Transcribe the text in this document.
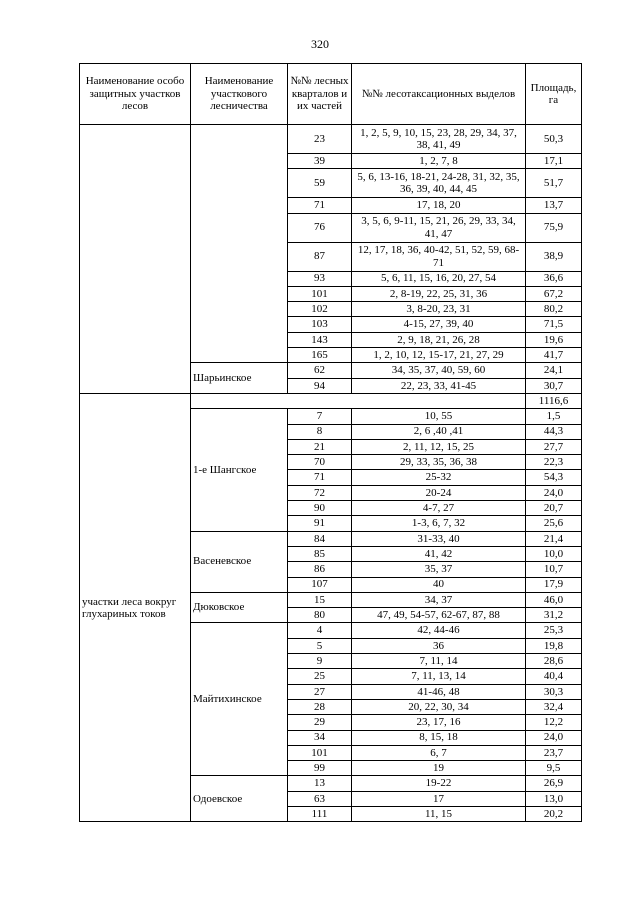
320
Наименование особо защитных участков лесов	Наименование участкового лесничества	№№ лесных кварталов и их частей	№№ лесотаксационных выделов	Площадь, га
		23	1, 2, 5, 9, 10, 15, 23, 28, 29, 34, 37, 38, 41, 49	50,3
		39	1, 2, 7, 8	17,1
		59	5, 6, 13-16, 18-21, 24-28, 31, 32, 35, 36, 39, 40, 44, 45	51,7
		71	17, 18, 20	13,7
		76	3, 5, 6, 9-11, 15, 21, 26, 29, 33, 34, 41, 47	75,9
		87	12, 17, 18, 36, 40-42, 51, 52, 59, 68-71	38,9
		93	5, 6, 11, 15, 16, 20, 27, 54	36,6
		101	2, 8-19, 22, 25, 31, 36	67,2
		102	3, 8-20, 23, 31	80,2
		103	4-15, 27, 39, 40	71,5
		143	2, 9, 18, 21, 26, 28	19,6
		165	1, 2, 10, 12, 15-17, 21, 27, 29	41,7
	Шарьинское	62	34, 35, 37, 40, 59, 60	24,1
		94	22, 23, 33, 41-45	30,7
участки леса вокруг глухариных токов				1116,6
	1-е Шангское	7	10, 55	1,5
		8	2, 6 ,40 ,41	44,3
		21	2, 11, 12, 15, 25	27,7
		70	29, 33, 35, 36, 38	22,3
		71	25-32	54,3
		72	20-24	24,0
		90	4-7, 27	20,7
		91	1-3, 6, 7, 32	25,6
	Васеневское	84	31-33, 40	21,4
		85	41, 42	10,0
		86	35, 37	10,7
		107	40	17,9
	Дюковское	15	34, 37	46,0
		80	47, 49, 54-57, 62-67, 87, 88	31,2
	Майтихинское	4	42, 44-46	25,3
		5	36	19,8
		9	7, 11, 14	28,6
		25	7, 11, 13, 14	40,4
		27	41-46, 48	30,3
		28	20, 22, 30, 34	32,4
		29	23, 17, 16	12,2
		34	8, 15, 18	24,0
		101	6, 7	23,7
		99	19	9,5
	Одоевское	13	19-22	26,9
		63	17	13,0
		111	11, 15	20,2
